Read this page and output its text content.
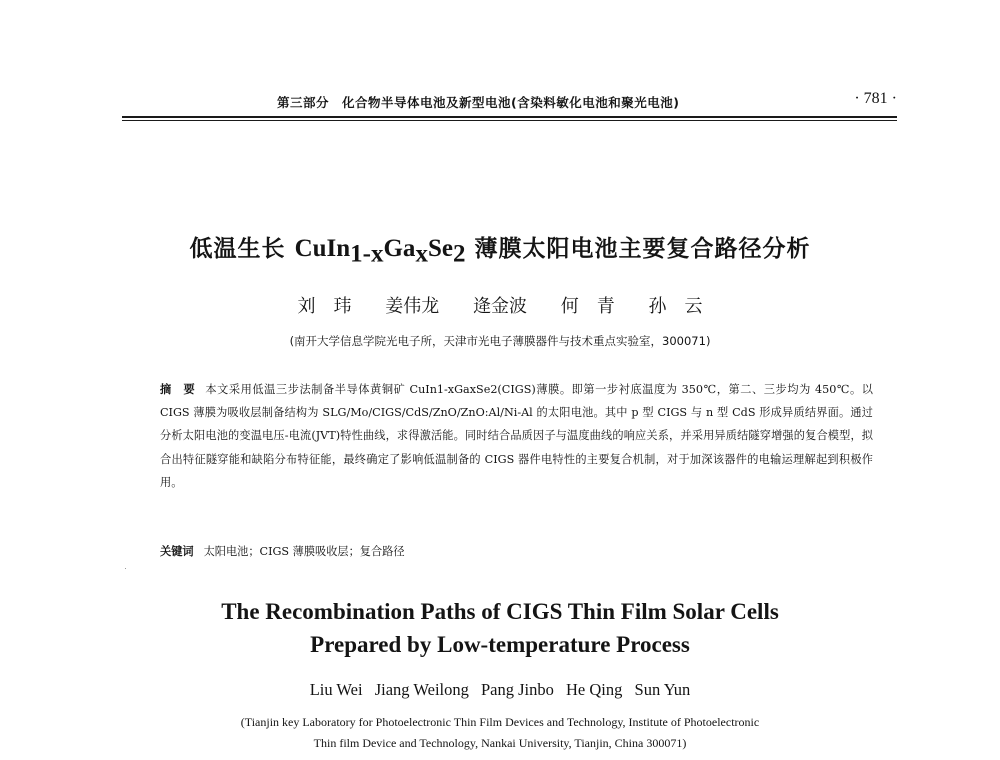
第三部分　化合物半导体电池及新型电池(含染料敏化电池和聚光电池)	· 781 ·
低温生长 $CuIn_{1-x}Ga_xSe_2$ 薄膜太阳电池主要复合路径分析
刘　玮 姜伟龙 逄金波 何　青 孙　云
(南开大学信息学院光电子所，天津市光电子薄膜器件与技术重点实验室，300071)
摘　要 本文采用低温三步法制备半导体黄铜矿 CuIn1-xGaxSe2(CIGS)薄膜。即第一步衬底温度为 350℃，第二、三步均为 450℃。以 CIGS 薄膜为吸收层制备结构为 SLG/Mo/CIGS/CdS/ZnO/ZnO:Al/Ni-Al 的太阳电池。其中 p 型 CIGS 与 n 型 CdS 形成异质结界面。通过分析太阳电池的变温电压-电流(JVT)特性曲线，求得激活能。同时结合品质因子与温度曲线的响应关系，并采用异质结隧穿增强的复合模型，拟合出特征隧穿能和缺陷分布特征能，最终确定了影响低温制备的 CIGS 器件电特性的主要复合机制，对于加深该器件的电输运理解起到积极作用。
关键词 太阳电池；CIGS 薄膜吸收层；复合路径
The Recombination Paths of CIGS Thin Film Solar Cells
Prepared by Low-temperature Process
Liu Wei Jiang Weilong Pang Jinbo He Qing Sun Yun
(Tianjin key Laboratory for Photoelectronic Thin Film Devices and Technology, Institute of Photoelectronic
Thin film Device and Technology, Nankai University, Tianjin, China 300071)
